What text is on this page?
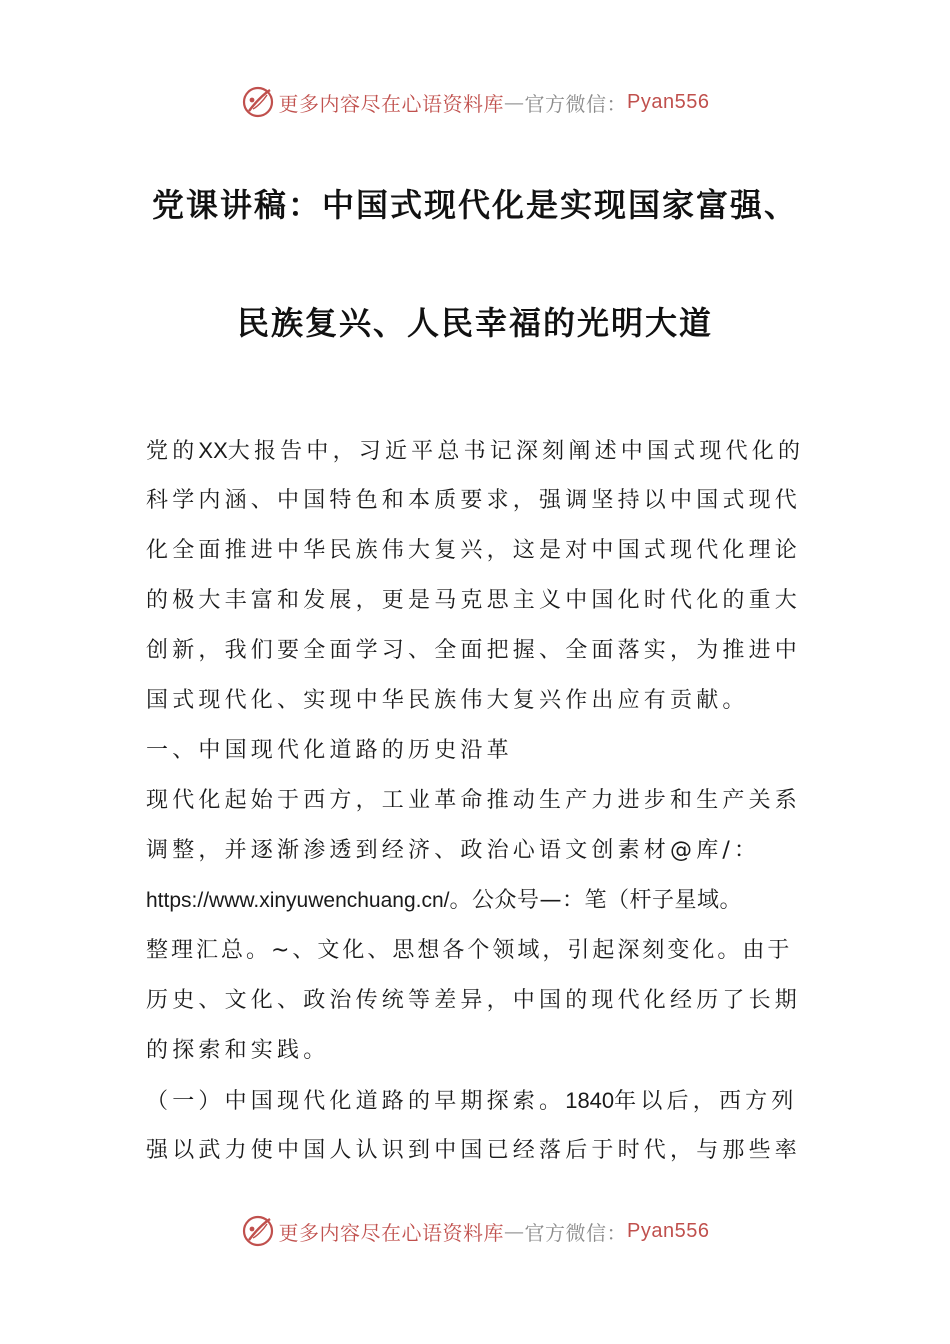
更多内容尽在心语资料库 — 官方微信： Pyan556
党课讲稿：中国式现代化是实现国家富强、
民族复兴、人民幸福的光明大道
党的XX大报告中，习近平总书记深刻阐述中国式现代化的
科学内涵、中国特色和本质要求，强调坚持以中国式现代
化全面推进中华民族伟大复兴，这是对中国式现代化理论
的极大丰富和发展，更是马克思主义中国化时代化的重大
创新，我们要全面学习、全面把握、全面落实，为推进中
国式现代化、实现中华民族伟大复兴作出应有贡献。
一、中国现代化道路的历史沿革
现代化起始于西方，工业革命推动生产力进步和生产关系
调整，并逐渐渗透到经济、政治心语文创素材@库/：
https://www.xinyuwenchuang.cn/。公众号—：笔（杆子星域。
整理汇总。~、文化、思想各个领域，引起深刻变化。由于
历史、文化、政治传统等差异，中国的现代化经历了长期
的探索和实践。
（一）中国现代化道路的早期探索。1840年以后，西方列
强以武力使中国人认识到中国已经落后于时代，与那些率
更多内容尽在心语资料库 — 官方微信： Pyan556
